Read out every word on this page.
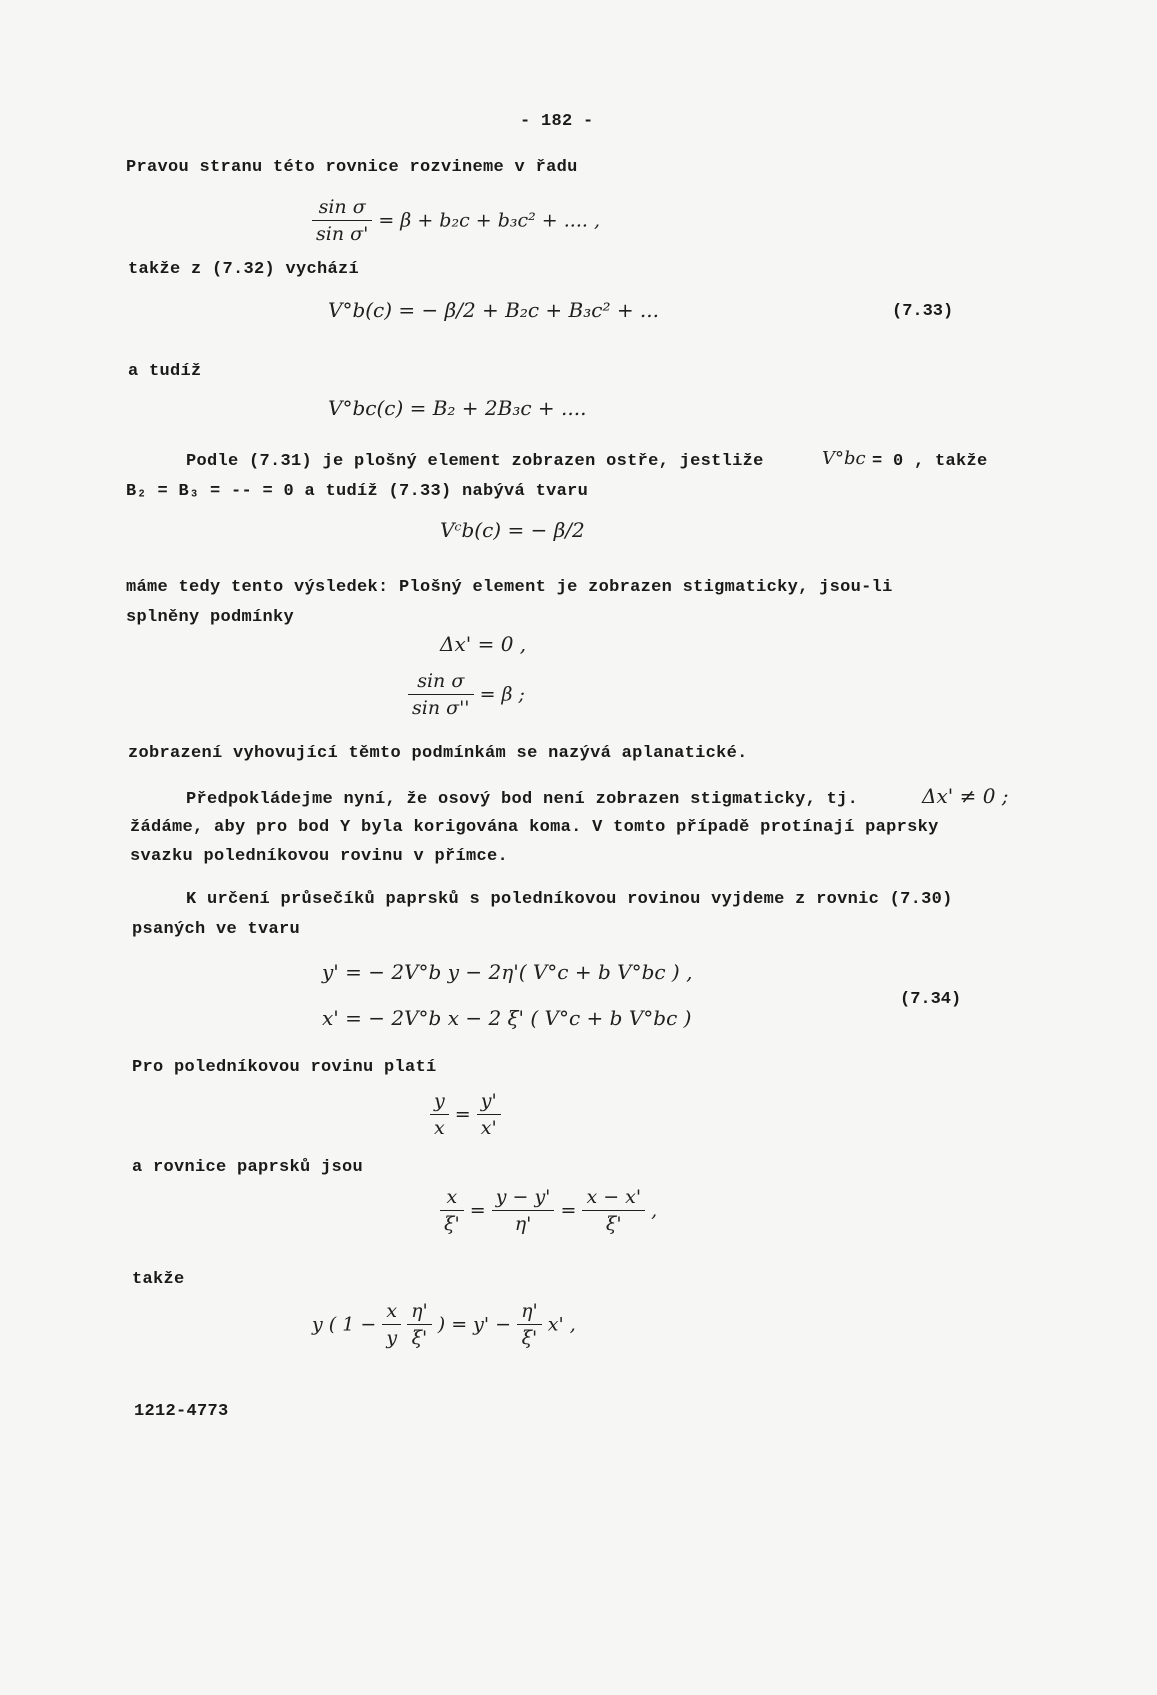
- 182 -
Pravou stranu této rovnice rozvineme v řadu
$\frac{\text{sin σ}}{\text{sin σ'}} = \beta + b_2c + b_3c^2$ + .... ,
takže z (7.32) vychází
V°b(c) = − β/2 + B₂c + B₃c² + ...	(7.33)
a tudíž
V°bc(c) = B₂ + 2B₃c + ....
Podle (7.31) je plošný element zobrazen ostře, jestliže	V°bc = 0 , takže
B₂ = B₃ = -- = 0 a tudíž (7.33) nabývá tvaru
Vᶜb(c) = − β/2
máme tedy tento výsledek: Plošný element je zobrazen stigmaticky, jsou-li
splněny podmínky
Δx' = 0 ,
$\frac{\text{sin σ}}{\text{sin σ''}} = \beta$ ;
zobrazení vyhovující těmto podmínkám se nazývá aplanatické.
Předpokládejme nyní, že osový bod není zobrazen stigmaticky, tj.	Δx' ≠ 0 ;
žádáme, aby pro bod Y byla korigována koma. V tomto případě protínají paprsky
svazku poledníkovou rovinu v přímce.
K určení průsečíků paprsků s poledníkovou rovinou vyjdeme z rovnic (7.30)
psaných ve tvaru
y' = − 2V°b y − 2η'( V°c + b V°bc ) ,
x' = − 2V°b x − 2 ξ' ( V°c + b V°bc )
(7.34)
Pro poledníkovou rovinu platí
$\frac{y}{x} = \frac{y'}{x'}$
a rovnice paprsků jsou
$\frac{x}{\xi'} = \frac{y - y'}{\eta'} = \frac{x - x'}{\xi'}$ ,
takže
y ( $1 - \frac{x}{y}$
$\frac{\eta'}{\xi'}$ ) = $y' - \frac{\eta'}{\xi'} x'$ ,
1212-4773
